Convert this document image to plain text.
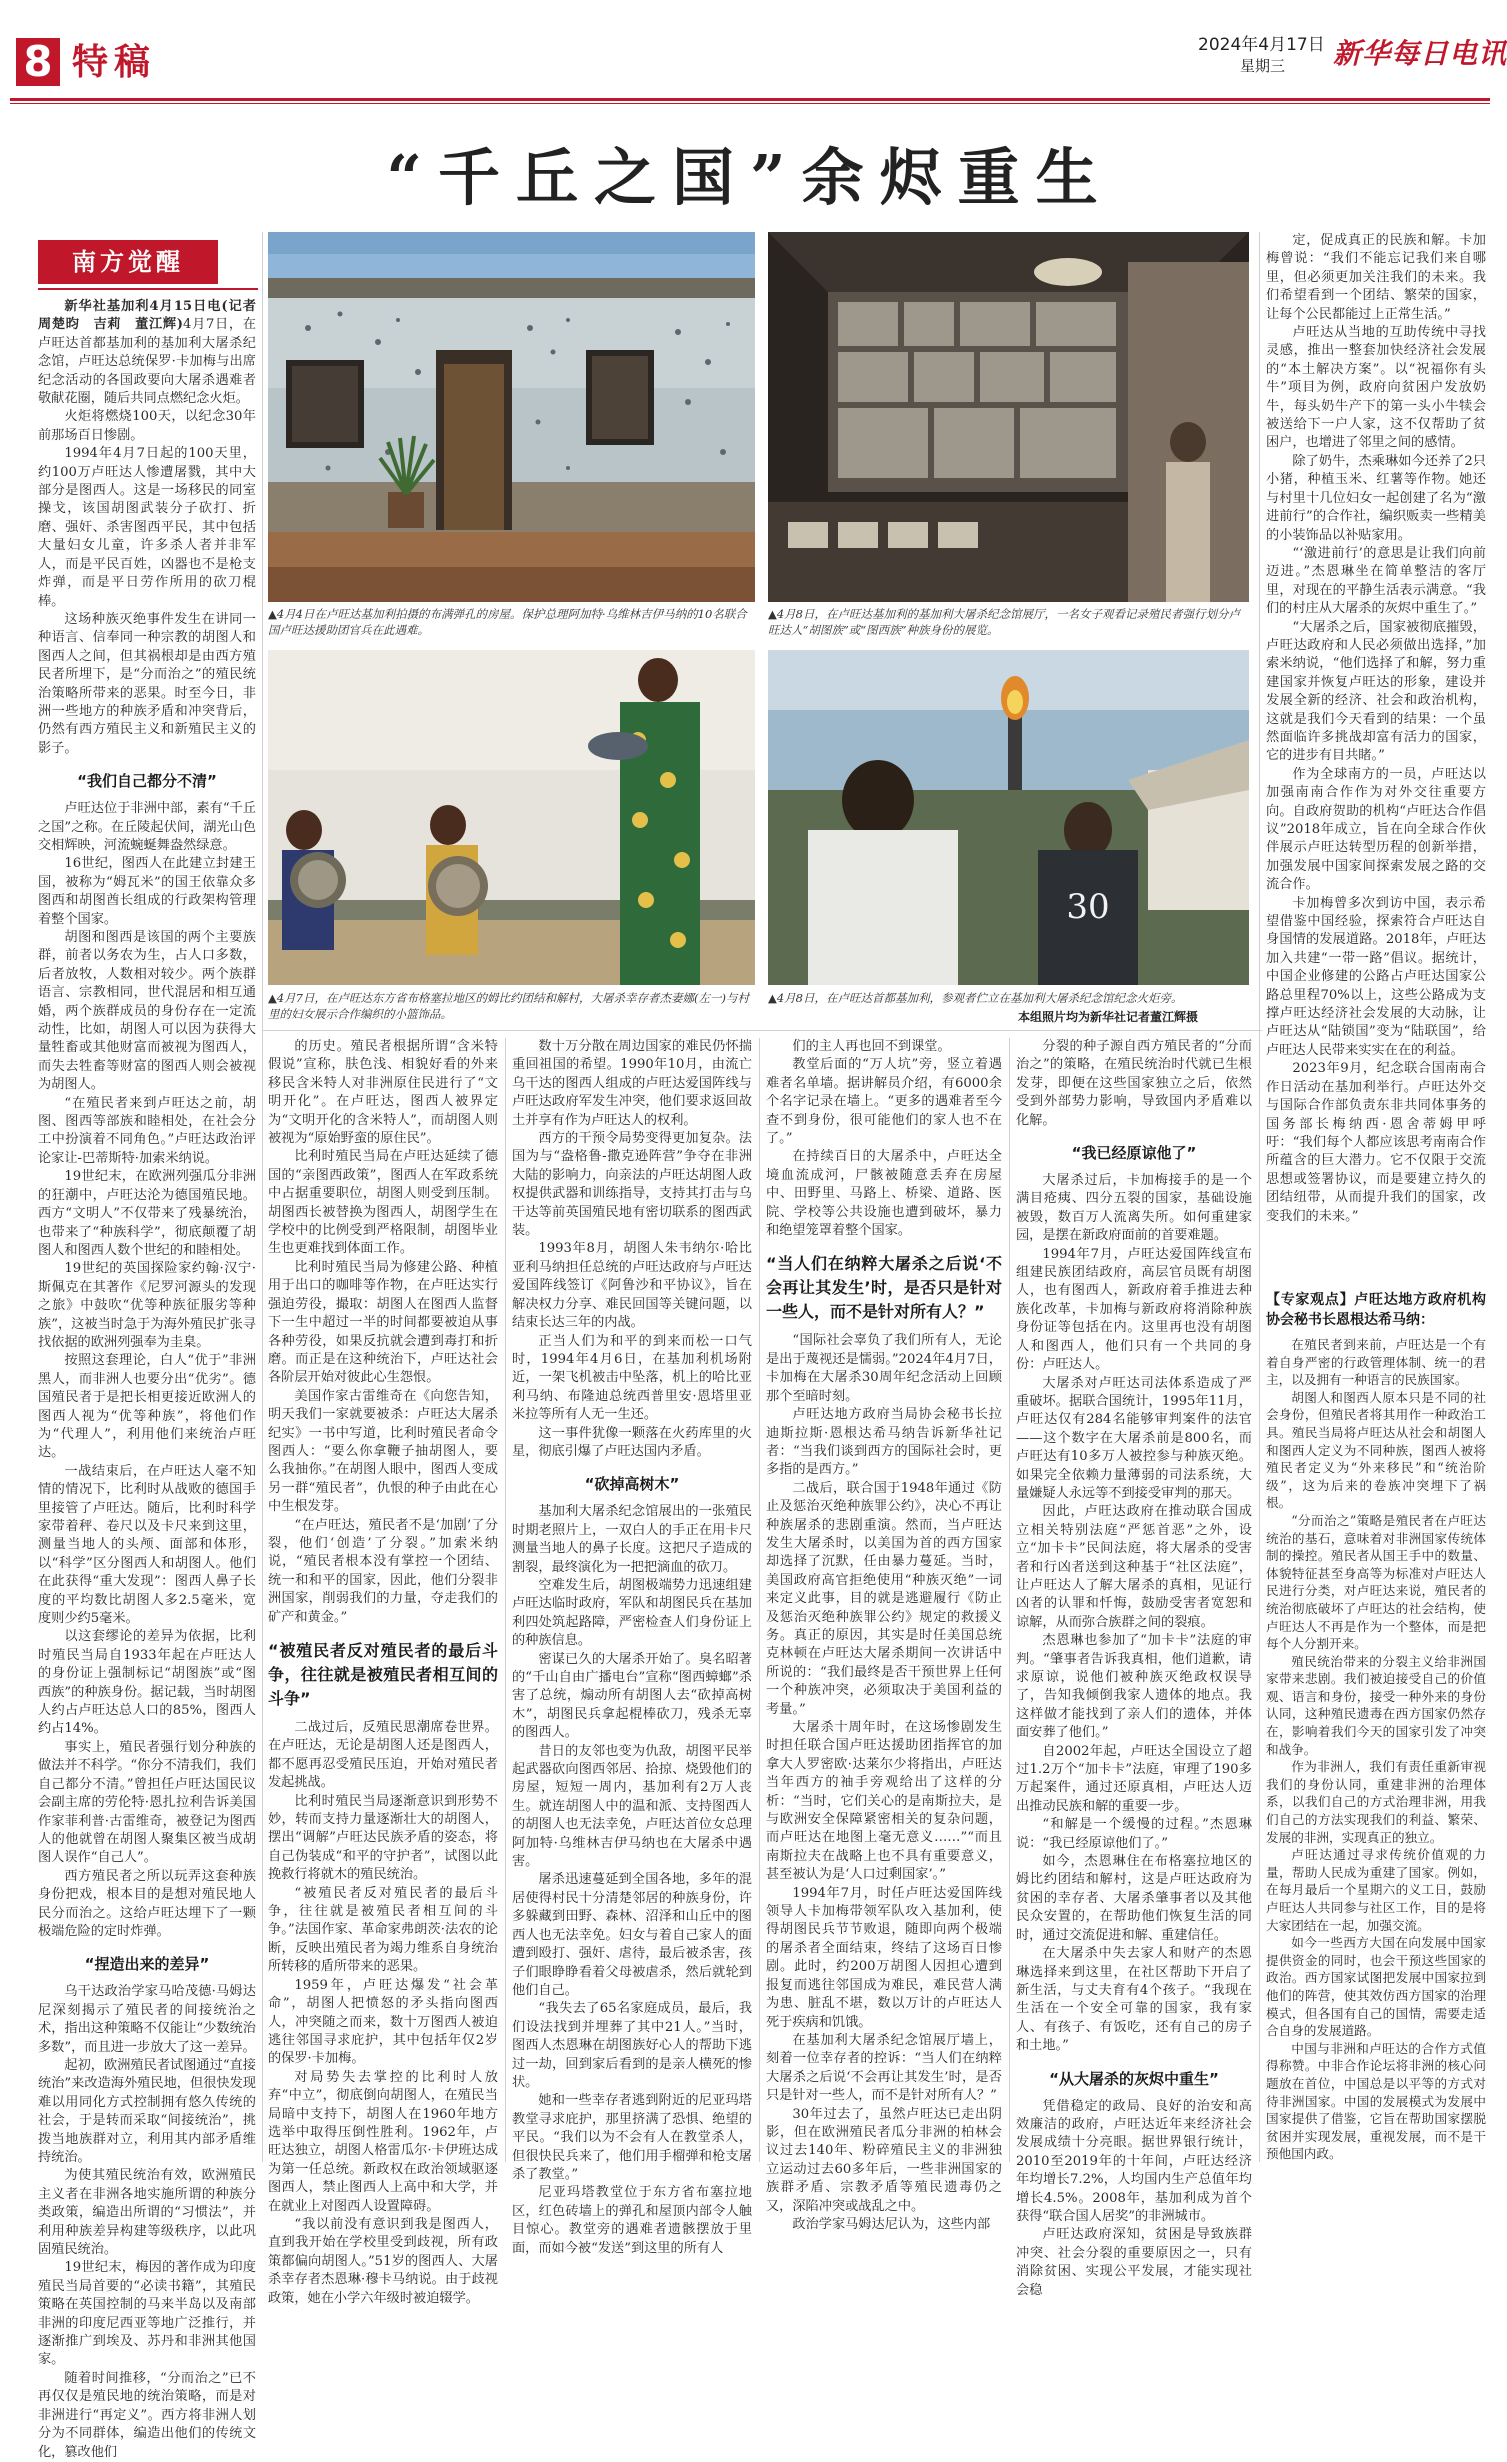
8 特稿	2024年4月17日
星期三 新华每日电讯
“千丘之国”余烬重生
南方觉醒

新华社基加利4月15日电(记者周楚昀　吉莉　董江辉)4月7日，在卢旺达首都基加利的基加利大屠杀纪念馆，卢旺达总统保罗·卡加梅与出席纪念活动的各国政要向大屠杀遇难者敬献花圈，随后共同点燃纪念火炬。

火炬将燃烧100天，以纪念30年前那场百日惨剧。

1994年4月7日起的100天里，约100万卢旺达人惨遭屠戮，其中大部分是图西人。这是一场移民的同室操戈，该国胡图武装分子砍打、折磨、强奸、杀害图西平民，其中包括大量妇女儿童，许多杀人者并非军人，而是平民百姓，凶器也不是枪支炸弹，而是平日劳作所用的砍刀棍棒。

这场种族灭绝事件发生在讲同一种语言、信奉同一种宗教的胡图人和图西人之间，但其祸根却是由西方殖民者所埋下，是“分而治之”的殖民统治策略所带来的恶果。时至今日，非洲一些地方的种族矛盾和冲突背后，仍然有西方殖民主义和新殖民主义的影子。

“我们自己都分不清”

卢旺达位于非洲中部，素有“千丘之国”之称。在丘陵起伏间，湖光山色交相辉映，河流蜿蜒舞盎然绿意。

16世纪，图西人在此建立封建王国，被称为“姆瓦米”的国王依靠众多图西和胡图酋长组成的行政架构管理着整个国家。

胡图和图西是该国的两个主要族群，前者以务农为生，占人口多数，后者放牧，人数相对较少。两个族群语言、宗教相同，世代混居和相互通婚，两个族群成员的身份存在一定流动性，比如，胡图人可以因为获得大量牲畜或其他财富而被视为图西人，而失去牲畜等财富的图西人则会被视为胡图人。

“在殖民者来到卢旺达之前，胡图、图西等部族和睦相处，在社会分工中扮演着不同角色。”卢旺达政治评论家让-巴蒂斯特·加索米纳说。

19世纪末，在欧洲列强瓜分非洲的狂潮中，卢旺达沦为德国殖民地。西方“文明人”不仅带来了残暴统治，也带来了“种族科学”，彻底颠覆了胡图人和图西人数个世纪的和睦相处。

19世纪的英国探险家约翰·汉宁·斯佩克在其著作《尼罗河源头的发现之旅》中鼓吹“优等种族征服劣等种族”，这被当时急于为海外殖民扩张寻找依据的欧洲列强奉为圭臬。

按照这套理论，白人“优于”非洲黑人，而非洲人也要分出“优劣”。德国殖民者于是把长相更接近欧洲人的图西人视为“优等种族”，将他们作为“代理人”，利用他们来统治卢旺达。

一战结束后，在卢旺达人毫不知情的情况下，比利时从战败的德国手里接管了卢旺达。随后，比利时科学家带着秤、卷尺以及卡尺来到这里，测量当地人的头颅、面部和体形，以“科学”区分图西人和胡图人。他们在此获得“重大发现”：图西人鼻子长度的平均数比胡图人多2.5毫米，宽度则少约5毫米。

以这套缪论的差异为依据，比利时殖民当局自1933年起在卢旺达人的身份证上强制标记“胡图族”或“图西族”的种族身份。据记载，当时胡图人约占卢旺达总人口的85%，图西人约占14%。

事实上，殖民者强行划分种族的做法并不科学。“你分不清我们，我们自己都分不清。”曾担任卢旺达国民议会副主席的劳伦特·恩扎拉利告诉美国作家菲利普·古雷维奇，被登记为图西人的他就曾在胡图人聚集区被当成胡图人误作“自己人”。

西方殖民者之所以玩弄这套种族身份把戏，根本目的是想对殖民地人民分而治之。这给卢旺达埋下了一颗极端危险的定时炸弹。

“捏造出来的差异”

乌干达政治学家马哈茂德·马姆达尼深刻揭示了殖民者的间接统治之术，指出这种策略不仅能让“少数统治多数”，而且进一步放大了这一差异。

起初，欧洲殖民者试图通过“直接统治”来改造海外殖民地，但很快发现难以用同化方式控制拥有悠久传统的社会，于是转而采取“间接统治”，挑拨当地族群对立，利用其内部矛盾维持统治。

为使其殖民统治有效，欧洲殖民主义者在非洲各地实施所谓的种族分类政策，编造出所谓的“习惯法”，并利用种族差异构建等级秩序，以此巩固殖民统治。

19世纪末，梅因的著作成为印度殖民当局首要的“必读书籍”，其殖民策略在英国控制的马来半岛以及南部非洲的印度尼西亚等地广泛推行，并逐渐推广到埃及、苏丹和非洲其他国家。

随着时间推移，“分而治之”已不再仅仅是殖民地的统治策略，而是对非洲进行“再定义”。西方将非洲人划分为不同群体，编造出他们的传统文化，篡改他们

▲4月4日在卢旺达基加利拍摄的布满弹孔的房屋。保护总理阿加特·乌维林吉伊马纳的10名联合国卢旺达援助团官兵在此遇难。
▲4月8日，在卢旺达基加利的基加利大屠杀纪念馆展厅，一名女子观看记录殖民者强行划分卢旺达人“胡图族”或“图西族”种族身份的展览。
▲4月7日，在卢旺达东方省布格塞拉地区的姆比约团结和解村，大屠杀幸存者杰妻娜(左一)与村里的妇女展示合作编织的小篮饰品。
30
▲4月8日，在卢旺达首都基加利，参观者伫立在基加利大屠杀纪念馆纪念火炬旁。
本组照片均为新华社记者董江辉摄

的历史。殖民者根据所谓“含米特假说”宣称，肤色浅、相貌好看的外来移民含米特人对非洲原住民进行了“文明开化”。在卢旺达，图西人被界定为“文明开化的含米特人”，而胡图人则被视为“原始野蛮的原住民”。

比利时殖民当局在卢旺达延续了德国的“亲图西政策”，图西人在军政系统中占据重要职位，胡图人则受到压制。胡图西长被替换为图西人，胡图学生在学校中的比例受到严格限制，胡图毕业生也更难找到体面工作。

比利时殖民当局为修建公路、种植用于出口的咖啡等作物，在卢旺达实行强迫劳役，撮取：胡图人在图西人监督下一生中超过一半的时间都要被迫从事各种劳役，如果反抗就会遭到毒打和折磨。而正是在这种统治下，卢旺达社会各阶层开始对彼此心生怨恨。

美国作家古雷维奇在《向您告知，明天我们一家就要被杀：卢旺达大屠杀纪实》一书中写道，比利时殖民者命令图西人：“要么你拿鞭子抽胡图人，要么我抽你。”在胡图人眼中，图西人变成另一群“殖民者”，仇恨的种子由此在心中生根发芽。

“在卢旺达，殖民者不是‘加剧’了分裂，他们‘创造’了分裂。”加索米纳说，“殖民者根本没有掌控一个团结、统一和和平的国家，因此，他们分裂非洲国家，削弱我们的力量，夺走我们的矿产和黄金。”

“被殖民者反对殖民者的最后斗争，往往就是被殖民者相互间的斗争”

二战过后，反殖民思潮席卷世界。在卢旺达，无论是胡图人还是图西人，都不愿再忍受殖民压迫，开始对殖民者发起挑战。

比利时殖民当局逐渐意识到形势不妙，转而支持力量逐渐壮大的胡图人，摆出“调解”卢旺达民族矛盾的姿态，将自己伪装成“和平的守护者”，试图以此挽救行将就木的殖民统治。

“被殖民者反对殖民者的最后斗争，往往就是被殖民者相互间的斗争。”法国作家、革命家弗朗茨·法农的论断，反映出殖民者为竭力维系自身统治所转移的盾所带来的恶果。

1959年，卢旺达爆发“社会革命”，胡图人把愤怒的矛头指向图西人，冲突随之而来，数十万图西人被迫逃往邻国寻求庇护，其中包括年仅2岁的保罗·卡加梅。

对局势失去掌控的比利时人放弃“中立”，彻底倒向胡图人，在殖民当局暗中支持下，胡图人在1960年地方选举中取得压倒性胜利。1962年，卢旺达独立，胡图人格雷瓜尔·卡伊班达成为第一任总统。新政权在政治领域驱逐图西人，禁止图西人上高中和大学，并在就业上对图西人设置障碍。

“我以前没有意识到我是图西人，直到我开始在学校里受到歧视，所有政策都偏向胡图人。”51岁的图西人、大屠杀幸存者杰恩琳·穆卡马纳说。由于歧视政策，她在小学六年级时被迫辍学。

数十万分散在周边国家的难民仍怀揣重回祖国的希望。1990年10月，由流亡乌干达的图西人组成的卢旺达爱国阵线与卢旺达政府军发生冲突，他们要求返回故土并享有作为卢旺达人的权利。

西方的干预令局势变得更加复杂。法国为与“盎格鲁-撒克逊阵营”争夺在非洲大陆的影响力，向亲法的卢旺达胡图人政权提供武器和训练指导，支持其打击与乌干达等前英国殖民地有密切联系的图西武装。

1993年8月，胡图人朱韦纳尔·哈比亚利马纳担任总统的卢旺达政府与卢旺达爱国阵线签订《阿鲁沙和平协议》，旨在解决权力分享、难民回国等关键问题，以结束长达三年的内战。

正当人们为和平的到来而松一口气时，1994年4月6日，在基加利机场附近，一架飞机被击中坠落，机上的哈比亚利马纳、布隆迪总统西普里安·恩塔里亚米拉等所有人无一生还。

这一事件犹像一颗落在火药库里的火星，彻底引爆了卢旺达国内矛盾。

“砍掉高树木”

基加利大屠杀纪念馆展出的一张殖民时期老照片上，一双白人的手正在用卡尺测量当地人的鼻子长度。这把尺子造成的割裂，最终演化为一把把滴血的砍刀。

空难发生后，胡图极端势力迅速组建卢旺达临时政府，军队和胡图民兵在基加利四处筑起路障，严密检查人们身份证上的种族信息。

密谋已久的大屠杀开始了。臭名昭著的“千山自由广播电台”宣称“图西蟑螂”杀害了总统，煽动所有胡图人去“砍掉高树木”，胡图民兵拿起棍棒砍刀，残杀无辜的图西人。

昔日的友邻也变为仇敌，胡图平民举起武器砍向图西邻居、拾掠、烧毁他们的房屋，短短一周内，基加利有2万人丧生。就连胡图人中的温和派、支持图西人的胡图人也无法幸免，卢旺达首位女总理阿加特·乌维林吉伊马纳也在大屠杀中遇害。

屠杀迅速蔓延到全国各地，多年的混居使得村民十分清楚邻居的种族身份，许多躲藏到田野、森林、沼泽和山丘中的图西人也无法幸免。妇女与着自己家人的面遭到殴打、强奸、虐待，最后被杀害，孩子们眼睁睁看着父母被虐杀，然后就轮到他们自己。

“我失去了65名家庭成员，最后，我们设法找到并埋葬了其中21人。”当时，图西人杰恩琳在胡图族好心人的帮助下逃过一劫，回到家后看到的是亲人横死的惨状。

她和一些幸存者逃到附近的尼亚玛塔教堂寻求庇护，那里挤满了恐惧、绝望的平民。“我们以为不会有人在教堂杀人，但很快民兵来了，他们用手榴弹和枪支屠杀了教堂。”

尼亚玛塔教堂位于东方省布塞拉地区，红色砖墙上的弹孔和屋顶内部令人触目惊心。教堂旁的遇难者遗骸摆放于里面，而如今被“发送”到这里的所有人

们的主人再也回不到课堂。

教堂后面的“万人坑”旁，竖立着遇难者名单墙。据讲解员介绍，有6000余个名字记录在墙上。“更多的遇难者至今查不到身份，很可能他们的家人也不在了。”

在持续百日的大屠杀中，卢旺达全境血流成河，尸骸被随意丢弃在房屋中、田野里、马路上、桥梁、道路、医院、学校等公共设施也遭到破坏，暴力和绝望笼罩着整个国家。

“当人们在纳粹大屠杀之后说‘不会再让其发生’时，是否只是针对一些人，而不是针对所有人？”

“国际社会辜负了我们所有人，无论是出于蔑视还是懦弱。”2024年4月7日，卡加梅在大屠杀30周年纪念活动上回顾那个至暗时刻。

卢旺达地方政府当局协会秘书长拉迪斯拉斯·恩根达希马纳告诉新华社记者：“当我们谈到西方的国际社会时，更多指的是西方。”

二战后，联合国于1948年通过《防止及惩治灭绝种族罪公约》，决心不再让种族屠杀的悲剧重演。然而，当卢旺达发生大屠杀时，以美国为首的西方国家却选择了沉默，任由暴力蔓延。当时，美国政府高官拒绝使用“种族灭绝”一词来定义此事，目的就是逃避履行《防止及惩治灭绝种族罪公约》规定的救援义务。真正的原因，其实是时任美国总统克林顿在卢旺达大屠杀期间一次讲话中所说的：“我们最终是否干预世界上任何一个种族冲突，必须取决于美国利益的考量。”

大屠杀十周年时，在这场惨剧发生时担任联合国卢旺达援助团指挥官的加拿大人罗密欧·达莱尔少将指出，卢旺达当年西方的袖手旁观给出了这样的分析：“当时，它们关心的是南斯拉夫，是与欧洲安全保障紧密相关的复杂问题，而卢旺达在地图上毫无意义……”“而且南斯拉夫在战略上也不具有重要意义，甚至被认为是‘人口过剩国家’。”

1994年7月，时任卢旺达爱国阵线领导人卡加梅带领军队攻入基加利，使得胡图民兵节节败退，随即向两个极端的屠杀者全面结束，终结了这场百日惨剧。此时，约200万胡图人因担心遭到报复而逃往邻国成为难民，难民营人满为患、脏乱不堪，数以万计的卢旺达人死于疾病和饥饿。

在基加利大屠杀纪念馆展厅墙上，刻着一位幸存者的控诉：“当人们在纳粹大屠杀之后说‘不会再让其发生’时，是否只是针对一些人，而不是针对所有人？”

30年过去了，虽然卢旺达已走出阴影，但在欧洲殖民者瓜分非洲的柏林会议过去140年、粉碎殖民主义的非洲独立运动过去60多年后，一些非洲国家的族群矛盾、宗教矛盾等殖民遗毒仍之又，深陷冲突或战乱之中。

政治学家马姆达尼认为，这些内部

分裂的种子源自西方殖民者的“分而治之”的策略，在殖民统治时代就已生根发芽，即便在这些国家独立之后，依然受到外部势力影响，导致国内矛盾难以化解。

“我已经原谅他了”

大屠杀过后，卡加梅接手的是一个满目疮痍、四分五裂的国家，基础设施被毁，数百万人流离失所。如何重建家园，是摆在新政府面前的首要难题。

1994年7月，卢旺达爱国阵线宣布组建民族团结政府，高层官员既有胡图人，也有图西人，新政府着手推进去种族化改革，卡加梅与新政府将消除种族身份证等包括在内。这里再也没有胡图人和图西人，他们只有一个共同的身份：卢旺达人。

大屠杀对卢旺达司法体系造成了严重破坏。据联合国统计，1995年11月，卢旺达仅有284名能够审判案件的法官——这个数字在大屠杀前是800名，而卢旺达有10多万人被控参与种族灭绝。如果完全依赖力量薄弱的司法系统，大量嫌疑人永远等不到接受审判的那天。

因此，卢旺达政府在推动联合国成立相关特别法庭“严惩首恶”之外，设立“加卡卡”民间法庭，将大屠杀的受害者和行凶者送到这种基于“社区法庭”，让卢旺达人了解大屠杀的真相，见证行凶者的认罪和忏悔，鼓励受害者宽恕和谅解，从而弥合族群之间的裂痕。

杰恩琳也参加了“加卡卡”法庭的审判。“肇事者告诉我真相，他们道歉，请求原谅，说他们被种族灭绝政权误导了，告知我倾倒我家人遗体的地点。我这样做才能找到了亲人们的遗体，并体面安葬了他们。”

自2002年起，卢旺达全国设立了超过1.2万个“加卡卡”法庭，审理了190多万起案件，通过还原真相，卢旺达人迈出推动民族和解的重要一步。

“和解是一个缓慢的过程。”杰恩琳说：“我已经原谅他们了。”

如今，杰恩琳住在布格塞拉地区的姆比约团结和解村，这是卢旺达政府为贫困的幸存者、大屠杀肇事者以及其他民众安置的，在帮助他们恢复生活的同时，通过交流促进和解、重建信任。

在大屠杀中失去家人和财产的杰恩琳选择来到这里，在社区帮助下开启了新生活，与丈夫育有4个孩子。“我现在生活在一个安全可靠的国家，我有家人、有孩子、有饭吃，还有自己的房子和土地。”

“从大屠杀的灰烬中重生”

凭借稳定的政局、良好的治安和高效廉洁的政府，卢旺达近年来经济社会发展成绩十分亮眼。据世界银行统计，2010至2019年的十年间，卢旺达经济年均增长7.2%，人均国内生产总值年均增长4.5%。2008年，基加利成为首个获得“联合国人居奖”的非洲城市。

卢旺达政府深知，贫困是导致族群冲突、社会分裂的重要原因之一，只有消除贫困、实现公平发展，才能实现社会稳

定，促成真正的民族和解。卡加梅曾说：“我们不能忘记我们来自哪里，但必须更加关注我们的未来。我们希望看到一个团结、繁荣的国家，让每个公民都能过上正常生活。”

卢旺达从当地的互助传统中寻找灵感，推出一整套加快经济社会发展的“本土解决方案”。以“祝福你有头牛”项目为例，政府向贫困户发放奶牛，每头奶牛产下的第一头小牛犊会被送给下一户人家，这不仅帮助了贫困户，也增进了邻里之间的感情。

除了奶牛，杰乘琳如今还养了2只小猪，种植玉米、红薯等作物。她还与村里十几位妇女一起创建了名为“激进前行”的合作社，编织贩卖一些精美的小装饰品以补贴家用。

“‘激进前行’的意思是让我们向前迈进。”杰恩琳坐在简单整洁的客厅里，对现在的平静生活表示满意。“我们的村庄从大屠杀的灰烬中重生了。”

“大屠杀之后，国家被彻底摧毁，卢旺达政府和人民必须做出选择，”加索米纳说，“他们选择了和解，努力重建国家并恢复卢旺达的形象，建设并发展全新的经济、社会和政治机构，这就是我们今天看到的结果：一个虽然面临许多挑战却富有活力的国家，它的进步有目共睹。”

作为全球南方的一员，卢旺达以加强南南合作作为对外交往重要方向。自政府贺助的机构“卢旺达合作倡议”2018年成立，旨在向全球合作伙伴展示卢旺达转型历程的创新举措，加强发展中国家间探索发展之路的交流合作。

卡加梅曾多次到访中国，表示希望借鉴中国经验，探索符合卢旺达自身国情的发展道路。2018年，卢旺达加入共建“一带一路”倡议。据统计，中国企业修建的公路占卢旺达国家公路总里程70%以上，这些公路成为支撑卢旺达经济社会发展的大动脉，让卢旺达从“陆锁国”变为“陆联国”，给卢旺达人民带来实实在在的利益。

2023年9月，纪念联合国南南合作日活动在基加利举行。卢旺达外交与国际合作部负责东非共同体事务的国务部长梅纳西·恩舍蒂姆甲呼吁：“我们每个人都应该思考南南合作所蕴含的巨大潜力。它不仅限于交流思想或签署协议，而是要建立持久的团结纽带，从而提升我们的国家，改变我们的未来。”

【专家观点】卢旺达地方政府机构协会秘书长恩根达希马纳：

在殖民者到来前，卢旺达是一个有着自身严密的行政管理体制、统一的君主，以及拥有一种语言的民族国家。

胡图人和图西人原本只是不同的社会身份，但殖民者将其用作一种政治工具。殖民当局将卢旺达从社会和胡图人和图西人定义为不同种族，图西人被将殖民者定义为“外来移民”和“统治阶级”，这为后来的卷族冲突埋下了祸根。

“分而治之”策略是殖民者在卢旺达统治的基石，意味着对非洲国家传统体制的操控。殖民者从国王手中的数量、体貌特征甚至身高等为标准对卢旺达人民进行分类，对卢旺达来说，殖民者的统治彻底破坏了卢旺达的社会结构，使卢旺达人不再是作为一个整体，而是把每个人分割开来。

殖民统治带来的分裂主义给非洲国家带来悲剧。我们被迫接受自己的价值观、语言和身份，接受一种外来的身份认同，这种殖民遗毒在西方国家仍然存在，影响着我们今天的国家引发了冲突和战争。

作为非洲人，我们有责任重新审视我们的身份认同，重建非洲的治理体系，以我们自己的方式治理非洲，用我们自己的方法实现我们的利益、繁荣、发展的非洲，实现真正的独立。

卢旺达通过寻求传统价值观的力量，帮助人民成为重建了国家。例如，在每月最后一个星期六的义工日，鼓励卢旺达人共同参与社区工作，目的是将大家团结在一起，加强交流。

如今一些西方大国在向发展中国家提供资金的同时，也会干预这些国家的政治。西方国家试图把发展中国家拉到他们的阵营，使其效仿西方国家的治理模式，但各国有自己的国情，需要走适合自身的发展道路。

中国与非洲和卢旺达的合作方式值得称赞。中非合作论坛将非洲的核心问题放在首位，中国总是以平等的方式对待非洲国家。中国的发展模式为发展中国家提供了借鉴，它旨在帮助国家摆脱贫困并实现发展，重视发展，而不是干预他国内政。
